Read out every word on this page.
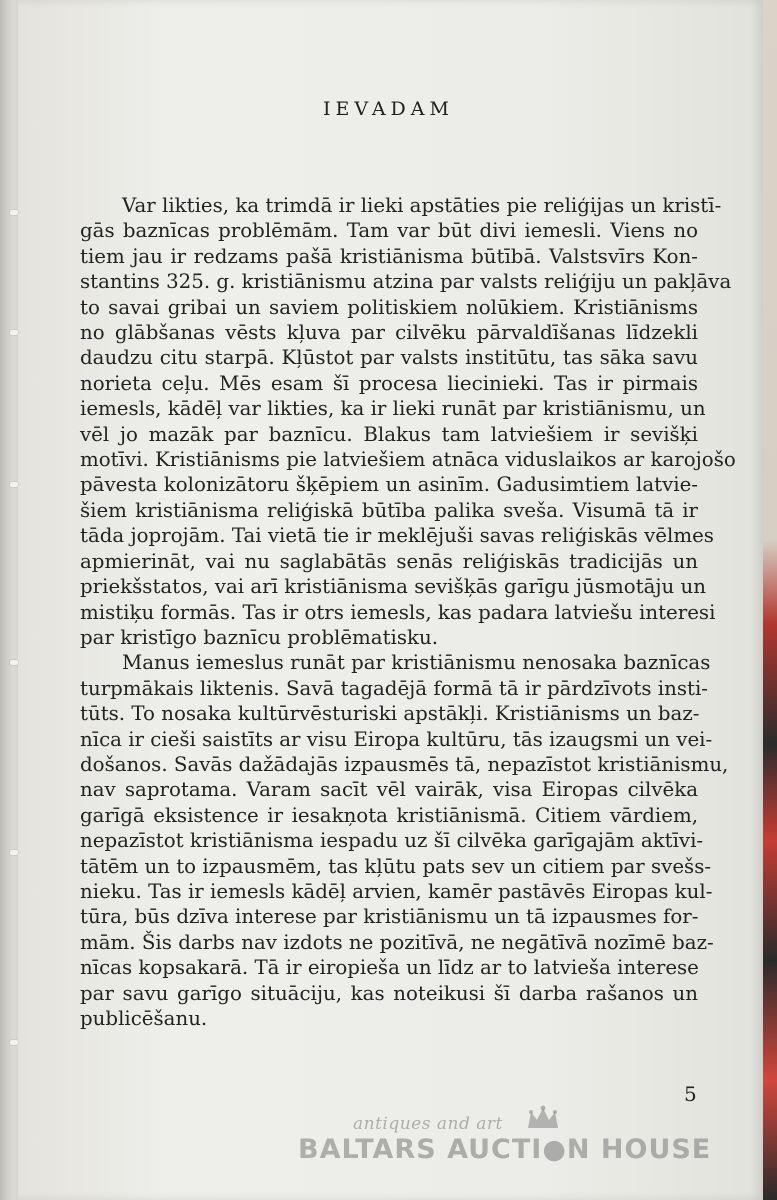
IEVADAM
Var likties, ka trimdā ir lieki apstāties pie reliģijas un kristī-
gās baznīcas problēmām. Tam var būt divi iemesli. Viens no
tiem jau ir redzams pašā kristiānisma būtībā. Valstsvīrs Kon-
stantins 325. g. kristiānismu atzina par valsts reliģiju un pakļāva
to savai gribai un saviem politiskiem nolūkiem. Kristiānisms
no glābšanas vēsts kļuva par cilvēku pārvaldīšanas līdzekli
daudzu citu starpā. Kļūstot par valsts institūtu, tas sāka savu
norieta ceļu. Mēs esam šī procesa liecinieki. Tas ir pirmais
iemesls, kādēļ var likties, ka ir lieki runāt par kristiānismu, un
vēl jo mazāk par baznīcu. Blakus tam latviešiem ir sevišķi
motīvi. Kristiānisms pie latviešiem atnāca viduslaikos ar karojošo
pāvesta kolonizātoru šķēpiem un asinīm. Gadusimtiem latvie-
šiem kristiānisma reliģiskā būtība palika sveša. Visumā tā ir
tāda joprojām. Tai vietā tie ir meklējuši savas reliģiskās vēlmes
apmierināt, vai nu saglabātās senās reliģiskās tradicijās un
priekšstatos, vai arī kristiānisma sevišķās garīgu jūsmotāju un
mistiķu formās. Tas ir otrs iemesls, kas padara latviešu interesi
par kristīgo baznīcu problēmatisku.
Manus iemeslus runāt par kristiānismu nenosaka baznīcas
turpmākais liktenis. Savā tagadējā formā tā ir pārdzīvots insti-
tūts. To nosaka kultūrvēsturiski apstākļi. Kristiānisms un baz-
nīca ir cieši saistīts ar visu Eiropa kultūru, tās izaugsmi un vei-
došanos. Savās dažādajās izpausmēs tā, nepazīstot kristiānismu,
nav saprotama. Varam sacīt vēl vairāk, visa Eiropas cilvēka
garīgā eksistence ir iesakņota kristiānismā. Citiem vārdiem,
nepazīstot kristiānisma iespadu uz šī cilvēka garīgajām aktīvi-
tātēm un to izpausmēm, tas kļūtu pats sev un citiem par svešs-
nieku. Tas ir iemesls kādēļ arvien, kamēr pastāvēs Eiropas kul-
tūra, būs dzīva interese par kristiānismu un tā izpausmes for-
mām. Šis darbs nav izdots ne pozitīvā, ne negātīvā nozīmē baz-
nīcas kopsakarā. Tā ir eiropieša un līdz ar to latvieša interese
par savu garīgo situāciju, kas noteikusi šī darba rašanos un
publicēšanu.
5
antiques and art
BALTARS AUCTI●N HOUSE
